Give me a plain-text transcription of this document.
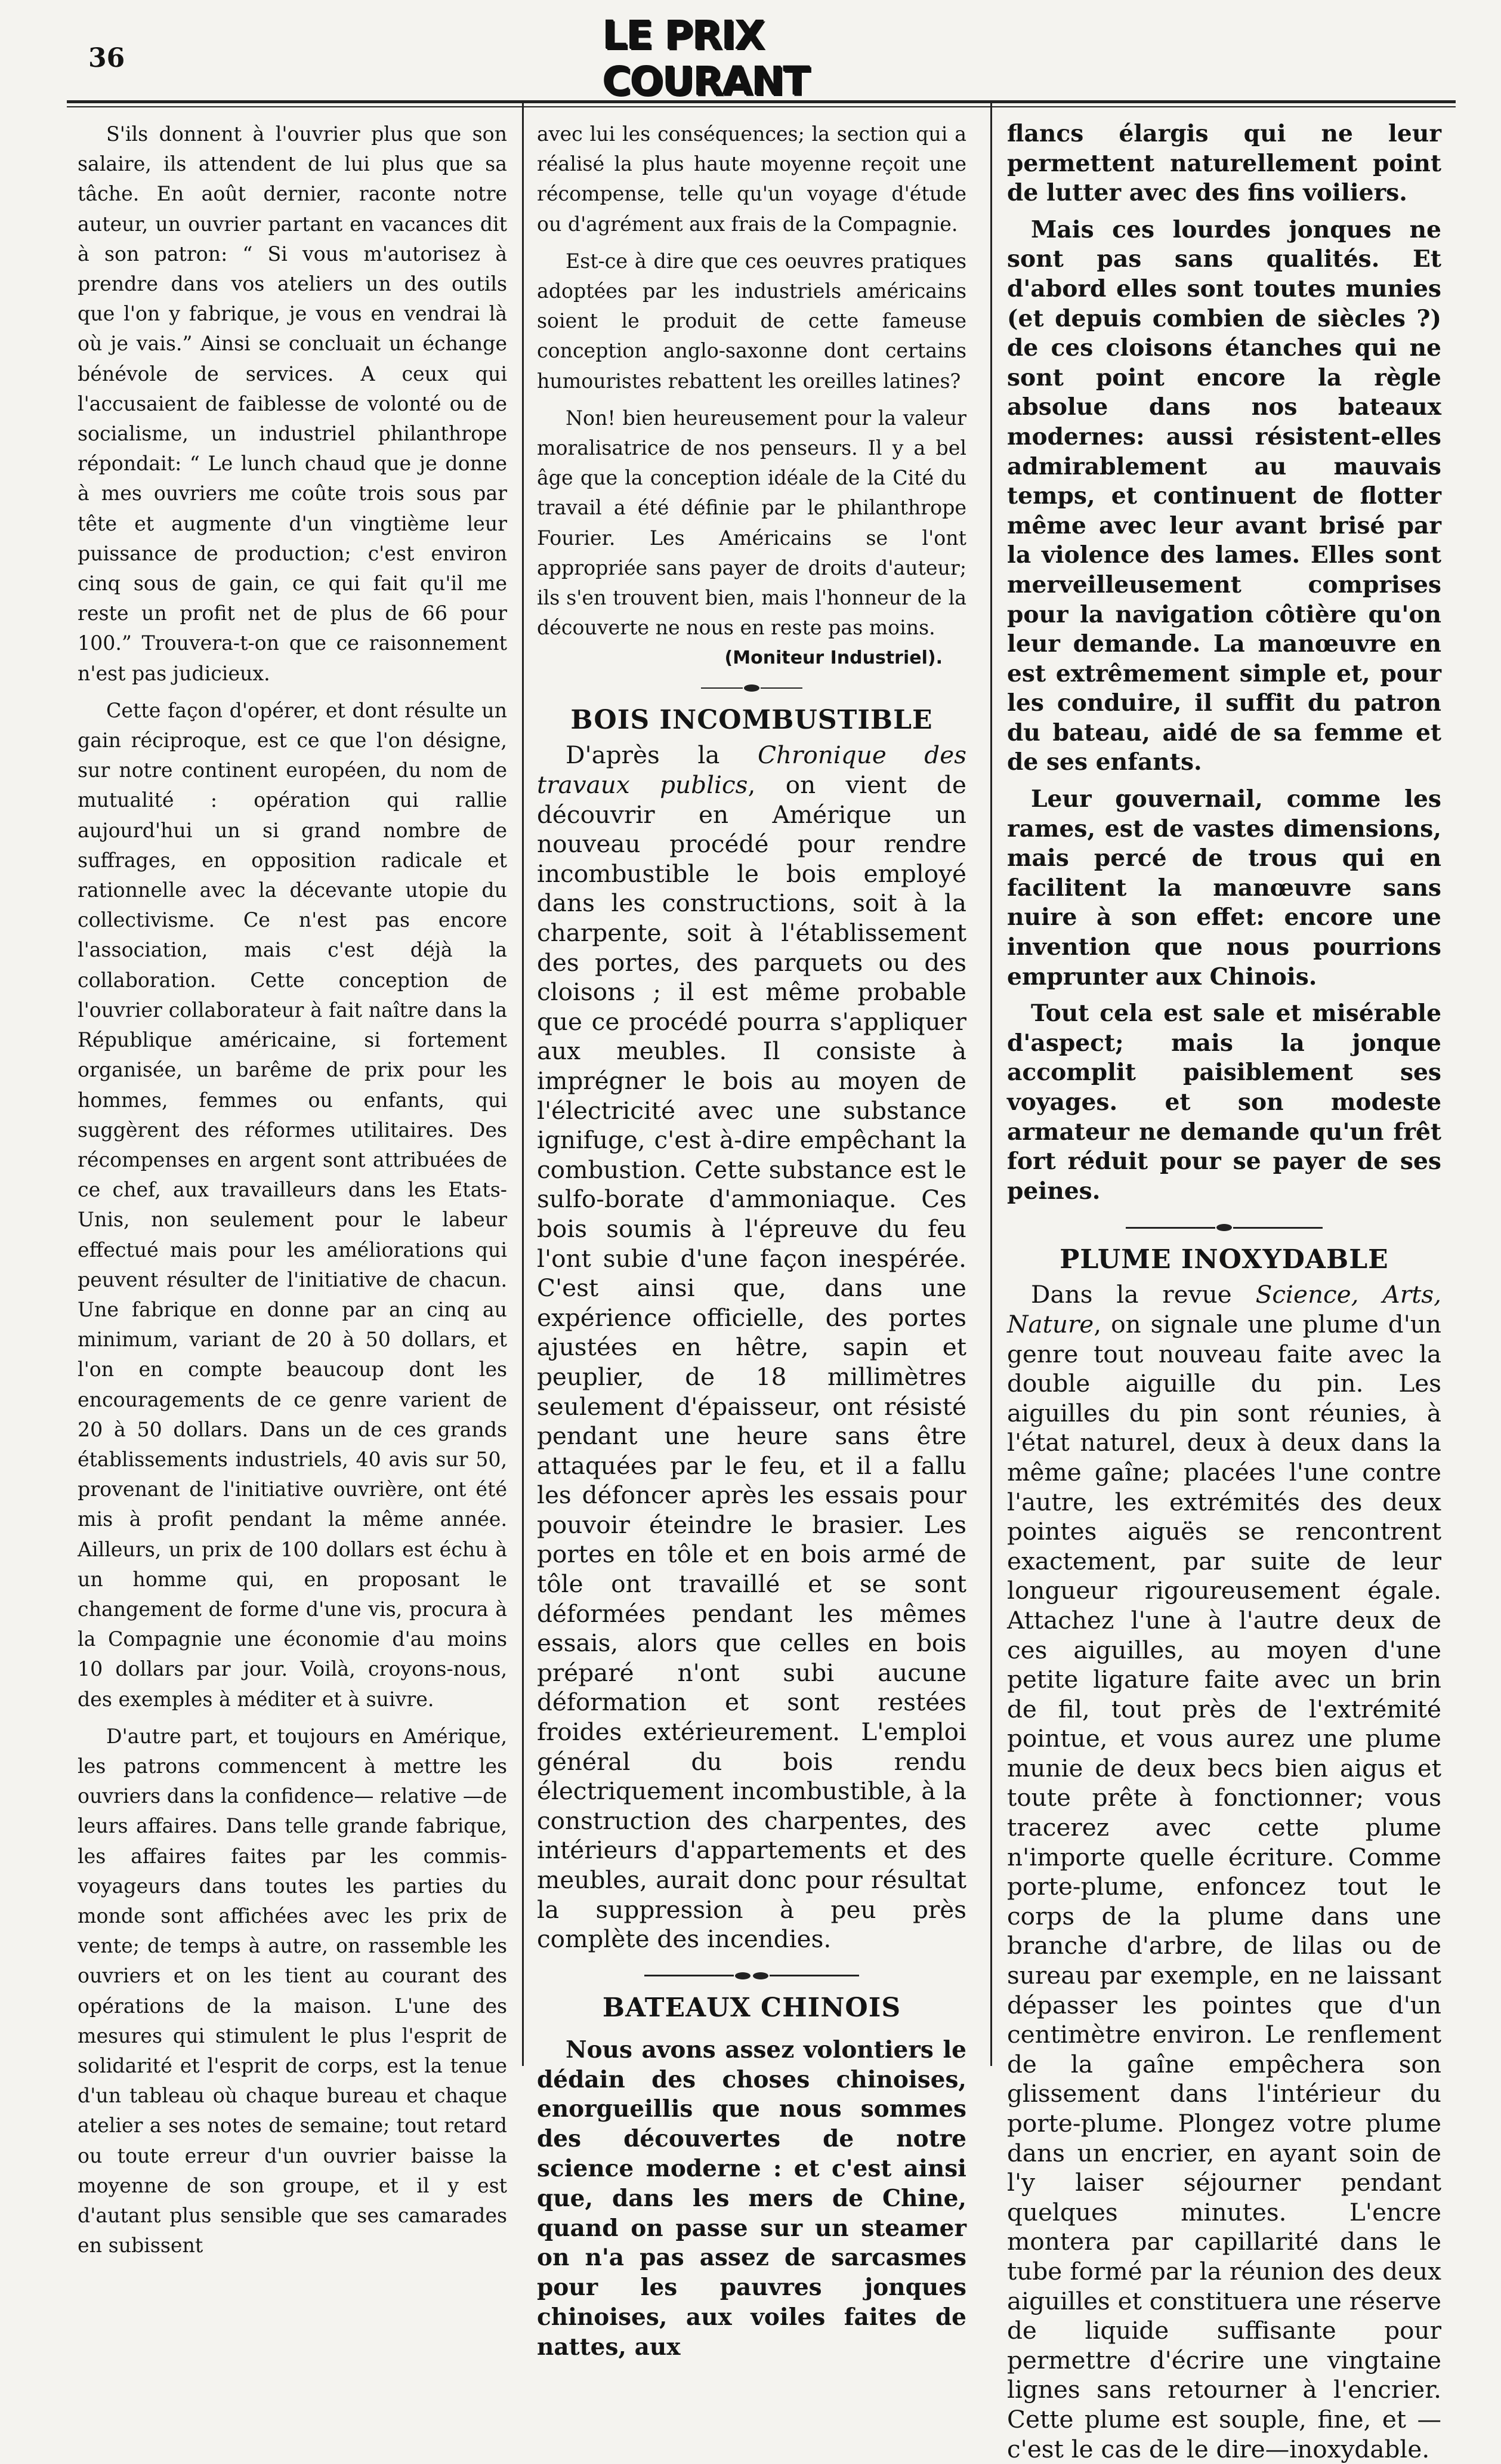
36	LE PRIX COURANT

S'ils donnent à l'ouvrier plus que son salaire, ils attendent de lui plus que sa tâche. En août dernier, raconte notre auteur, un ouvrier partant en vacances dit à son patron: “ Si vous m'autorisez à prendre dans vos ateliers un des outils que l'on y fabrique, je vous en vendrai là où je vais.” Ainsi se concluait un échange bénévole de services. A ceux qui l'accusaient de faiblesse de volonté ou de socialisme, un industriel philanthrope répondait: “ Le lunch chaud que je donne à mes ouvriers me coûte trois sous par tête et augmente d'un vingtième leur puissance de production; c'est environ cinq sous de gain, ce qui fait qu'il me reste un profit net de plus de 66 pour 100.” Trouvera-t-on que ce raisonnement n'est pas judicieux.

Cette façon d'opérer, et dont résulte un gain réciproque, est ce que l'on désigne, sur notre continent européen, du nom de mutualité : opération qui rallie aujourd'hui un si grand nombre de suffrages, en opposition radicale et rationnelle avec la décevante utopie du collectivisme. Ce n'est pas encore l'association, mais c'est déjà la collaboration. Cette conception de l'ouvrier collaborateur à fait naître dans la République américaine, si fortement organisée, un barême de prix pour les hommes, femmes ou enfants, qui suggèrent des réformes utilitaires. Des récompenses en argent sont attribuées de ce chef, aux travailleurs dans les Etats-Unis, non seulement pour le labeur effectué mais pour les améliorations qui peuvent résulter de l'initiative de chacun. Une fabrique en donne par an cinq au minimum, variant de 20 à 50 dollars, et l'on en compte beaucoup dont les encouragements de ce genre varient de 20 à 50 dollars. Dans un de ces grands établissements industriels, 40 avis sur 50, provenant de l'initiative ouvrière, ont été mis à profit pendant la même année. Ailleurs, un prix de 100 dollars est échu à un homme qui, en proposant le changement de forme d'une vis, procura à la Compagnie une économie d'au moins 10 dollars par jour. Voilà, croyons-nous, des exemples à méditer et à suivre.

D'autre part, et toujours en Amérique, les patrons commencent à mettre les ouvriers dans la confidence— relative —de leurs affaires. Dans telle grande fabrique, les affaires faites par les commis-voyageurs dans toutes les parties du monde sont affichées avec les prix de vente; de temps à autre, on rassemble les ouvriers et on les tient au courant des opérations de la maison. L'une des mesures qui stimulent le plus l'esprit de solidarité et l'esprit de corps, est la tenue d'un tableau où chaque bureau et chaque atelier a ses notes de semaine; tout retard ou toute erreur d'un ouvrier baisse la moyenne de son groupe, et il y est d'autant plus sensible que ses camarades en subissent

avec lui les conséquences; la section qui a réalisé la plus haute moyenne reçoit une récompense, telle qu'un voyage d'étude ou d'agrément aux frais de la Compagnie.

Est-ce à dire que ces oeuvres pratiques adoptées par les industriels américains soient le produit de cette fameuse conception anglo-saxonne dont certains humouristes rebattent les oreilles latines?

Non! bien heureusement pour la valeur moralisatrice de nos penseurs. Il y a bel âge que la conception idéale de la Cité du travail a été définie par le philanthrope Fourier. Les Américains se l'ont appropriée sans payer de droits d'auteur; ils s'en trouvent bien, mais l'honneur de la découverte ne nous en reste pas moins.

(Moniteur Industriel).
BOIS INCOMBUSTIBLE

D'après la Chronique des travaux publics, on vient de découvrir en Amérique un nouveau procédé pour rendre incombustible le bois employé dans les constructions, soit à la charpente, soit à l'établissement des portes, des parquets ou des cloisons ; il est même probable que ce procédé pourra s'appliquer aux meubles. Il consiste à imprégner le bois au moyen de l'électricité avec une substance ignifuge, c'est à-dire empêchant la combustion. Cette substance est le sulfo-borate d'ammoniaque. Ces bois soumis à l'épreuve du feu l'ont subie d'une façon inespérée. C'est ainsi que, dans une expérience officielle, des portes ajustées en hêtre, sapin et peuplier, de 18 millimètres seulement d'épaisseur, ont résisté pendant une heure sans être attaquées par le feu, et il a fallu les défoncer après les essais pour pouvoir éteindre le brasier. Les portes en tôle et en bois armé de tôle ont travaillé et se sont déformées pendant les mêmes essais, alors que celles en bois préparé n'ont subi aucune déformation et sont restées froides extérieurement. L'emploi général du bois rendu électriquement incombustible, à la construction des charpentes, des intérieurs d'appartements et des meubles, aurait donc pour résultat la suppression à peu près complète des incendies.

BATEAUX CHINOIS

Nous avons assez volontiers le dédain des choses chinoises, enorgueillis que nous sommes des découvertes de notre science moderne : et c'est ainsi que, dans les mers de Chine, quand on passe sur un steamer on n'a pas assez de sarcasmes pour les pauvres jonques chinoises, aux voiles faites de nattes, aux

flancs élargis qui ne leur permettent naturellement point de lutter avec des fins voiliers.

Mais ces lourdes jonques ne sont pas sans qualités. Et d'abord elles sont toutes munies (et depuis combien de siècles ?) de ces cloisons étanches qui ne sont point encore la règle absolue dans nos bateaux modernes: aussi résistent-elles admirablement au mauvais temps, et continuent de flotter même avec leur avant brisé par la violence des lames. Elles sont merveilleusement comprises pour la navigation côtière qu'on leur demande. La manœuvre en est extrêmement simple et, pour les conduire, il suffit du patron du bateau, aidé de sa femme et de ses enfants.

Leur gouvernail, comme les rames, est de vastes dimensions, mais percé de trous qui en facilitent la manœuvre sans nuire à son effet: encore une invention que nous pourrions emprunter aux Chinois.

Tout cela est sale et misérable d'aspect; mais la jonque accomplit paisiblement ses voyages. et son modeste armateur ne demande qu'un frêt fort réduit pour se payer de ses peines.

PLUME INOXYDABLE

Dans la revue Science, Arts, Nature, on signale une plume d'un genre tout nouveau faite avec la double aiguille du pin. Les aiguilles du pin sont réunies, à l'état naturel, deux à deux dans la même gaîne; placées l'une contre l'autre, les extrémités des deux pointes aiguës se rencontrent exactement, par suite de leur longueur rigoureusement égale. Attachez l'une à l'autre deux de ces aiguilles, au moyen d'une petite ligature faite avec un brin de fil, tout près de l'extrémité pointue, et vous aurez une plume munie de deux becs bien aigus et toute prête à fonctionner; vous tracerez avec cette plume n'importe quelle écriture. Comme porte-plume, enfoncez tout le corps de la plume dans une branche d'arbre, de lilas ou de sureau par exemple, en ne laissant dépasser les pointes que d'un centimètre environ. Le renflement de la gaîne empêchera son glissement dans l'intérieur du porte-plume. Plongez votre plume dans un encrier, en ayant soin de l'y laiser séjourner pendant quelques minutes. L'encre montera par capillarité dans le tube formé par la réunion des deux aiguilles et constituera une réserve de liquide suffisante pour permettre d'écrire une vingtaine lignes sans retourner à l'encrier. Cette plume est souple, fine, et —c'est le cas de le dire—inoxydable.
